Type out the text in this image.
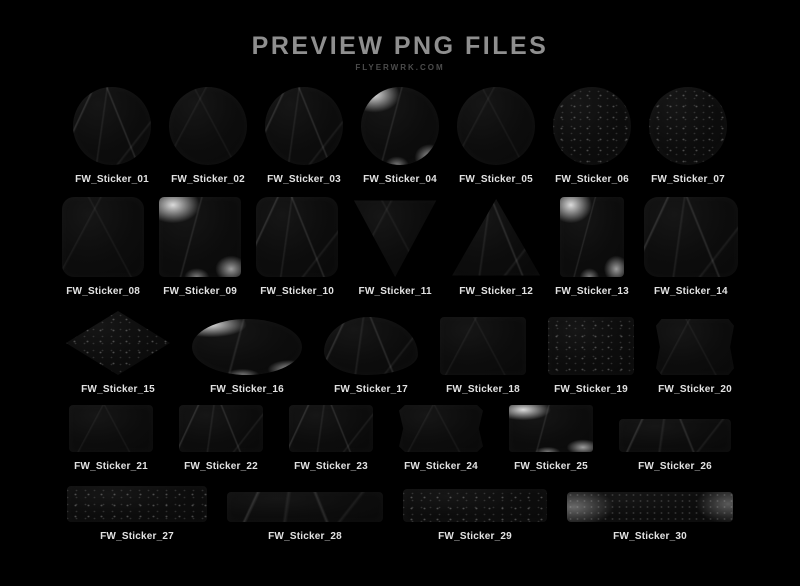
PREVIEW PNG FILES
FLYERWRK.COM
FW_Sticker_01 FW_Sticker_02 FW_Sticker_03 FW_Sticker_04 FW_Sticker_05 FW_Sticker_06 FW_Sticker_07
FW_Sticker_08 FW_Sticker_09 FW_Sticker_10 FW_Sticker_11	FW_Sticker_12 FW_Sticker_13	FW_Sticker_14
FW_Sticker_15	FW_Sticker_16	FW_Sticker_17	FW_Sticker_18	FW_Sticker_19	FW_Sticker_20
FW_Sticker_21	FW_Sticker_22	FW_Sticker_23	FW_Sticker_24	FW_Sticker_25	FW_Sticker_26
FW_Sticker_27	FW_Sticker_28	FW_Sticker_29	FW_Sticker_30
